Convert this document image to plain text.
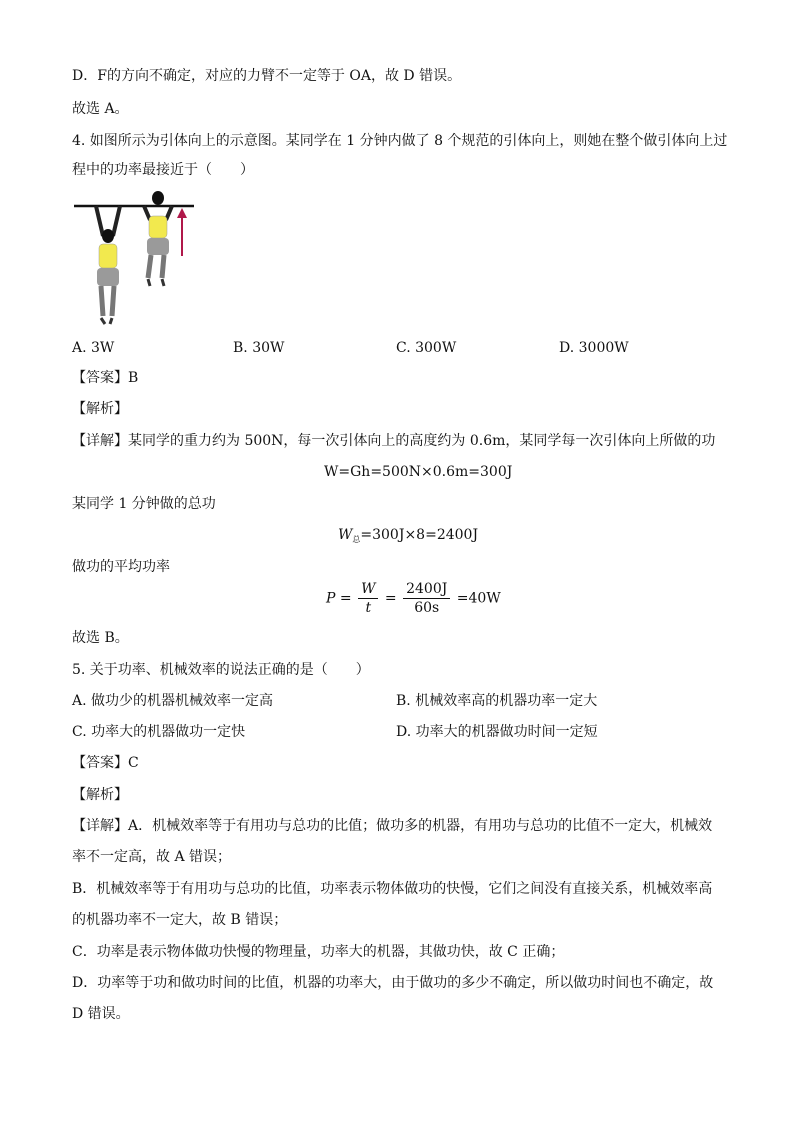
D．F的方向不确定，对应的力臂不一定等于 OA，故 D 错误。
故选 A。
4. 如图所示为引体向上的示意图。某同学在 1 分钟内做了 8 个规范的引体向上，则她在整个做引体向上过
程中的功率最接近于（　　）
A. 3W	B. 30W	C. 300W	D. 3000W
【答案】B
【解析】
【详解】某同学的重力约为 500N，每一次引体向上的高度约为 0.6m，某同学每一次引体向上所做的功
W=Gh=500N×0.6m=300J
某同学 1 分钟做的总功
$W_总=300J\times 8=2400J$
做功的平均功率
$P = \frac{W}{t} = \frac{2400J}{60s} =40W$
故选 B。
5. 关于功率、机械效率的说法正确的是（　　）
A. 做功少的机器机械效率一定高	B. 机械效率高的机器功率一定大
C. 功率大的机器做功一定快	D. 功率大的机器做功时间一定短
【答案】C
【解析】
【详解】A．机械效率等于有用功与总功的比值；做功多的机器，有用功与总功的比值不一定大，机械效
率不一定高，故 A 错误；
B．机械效率等于有用功与总功的比值，功率表示物体做功的快慢，它们之间没有直接关系，机械效率高
的机器功率不一定大，故 B 错误；
C．功率是表示物体做功快慢的物理量，功率大的机器，其做功快，故 C 正确；
D．功率等于功和做功时间的比值，机器的功率大，由于做功的多少不确定，所以做功时间也不确定，故
D 错误。
